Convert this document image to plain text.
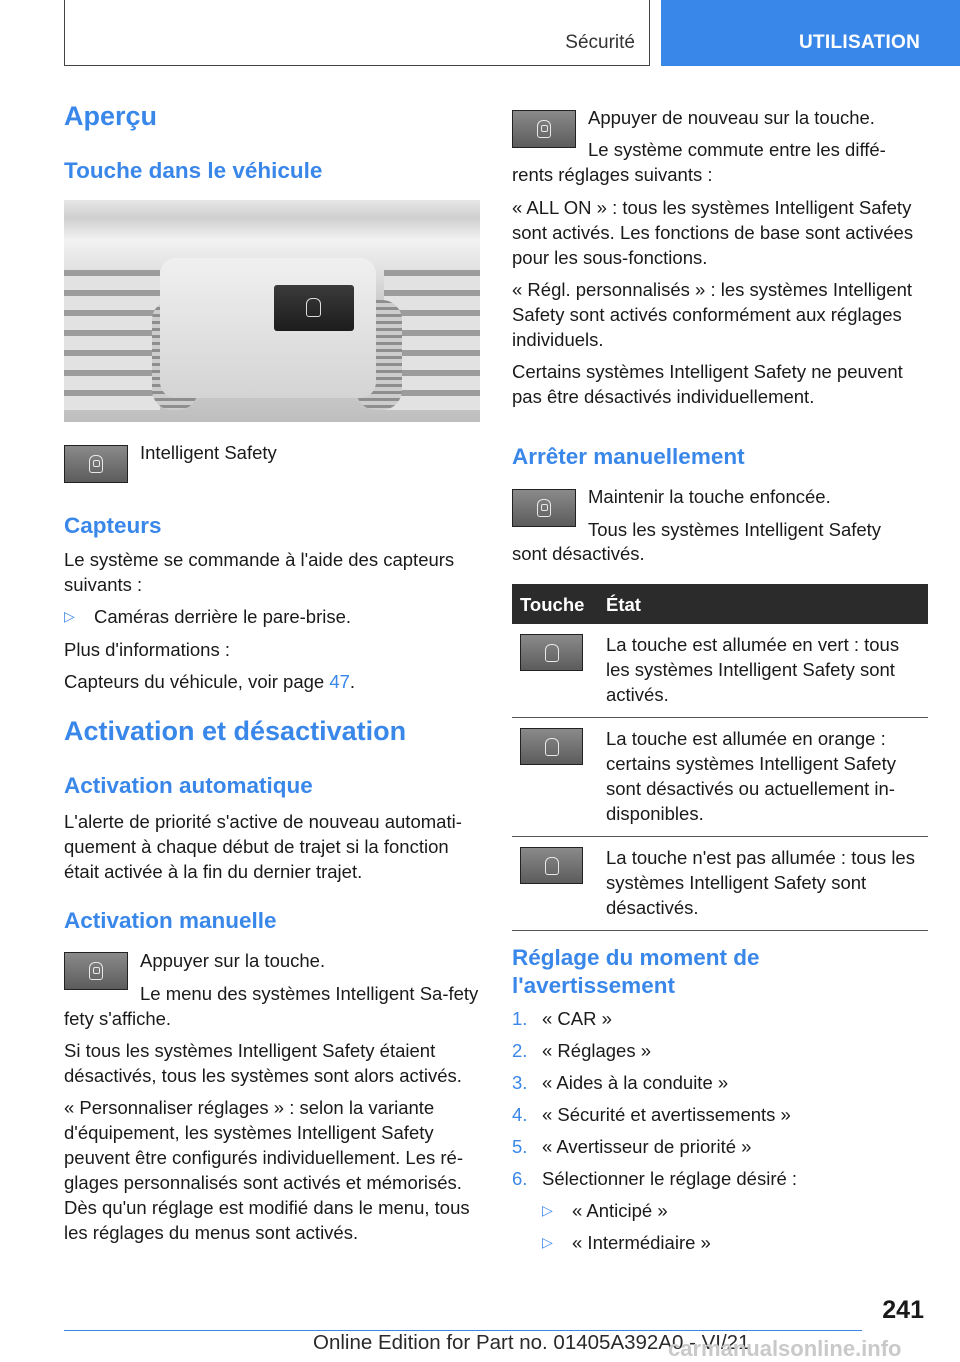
Sécurité	UTILISATION
Aperçu
Touche dans le véhicule
Intelligent Safety
Capteurs
Le système se commande à l'aide des capteurs suivants :
▷ Caméras derrière le pare-brise.
Plus d'informations :
Capteurs du véhicule, voir page 47.
Activation et désactivation
Activation automatique
L'alerte de priorité s'active de nouveau automati-quement à chaque début de trajet si la fonction était activée à la fin du dernier trajet.
Activation manuelle
Appuyer sur la touche.
Le menu des systèmes Intelligent Sa-fety
fety s'affiche.
Si tous les systèmes Intelligent Safety étaient désactivés, tous les systèmes sont alors activés.
« Personnaliser réglages » : selon la variante d'équipement, les systèmes Intelligent Safety peuvent être configurés individuellement. Les ré-glages personnalisés sont activés et mémorisés. Dès qu'un réglage est modifié dans le menu, tous les réglages du menus sont activés.
Appuyer de nouveau sur la touche.
Le système commute entre les diffé-
rents réglages suivants :
« ALL ON » : tous les systèmes Intelligent Safety sont activés. Les fonctions de base sont activées pour les sous-fonctions.
« Régl. personnalisés » : les systèmes Intelligent Safety sont activés conformément aux réglages individuels.
Certains systèmes Intelligent Safety ne peuvent pas être désactivés individuellement.
Arrêter manuellement
Maintenir la touche enfoncée.
Tous les systèmes Intelligent Safety
sont désactivés.
Touche	État

	La touche est allumée en vert : tous les systèmes Intelligent Safety sont activés.

	La touche est allumée en orange : certains systèmes Intelligent Safety sont désactivés ou actuellement in-disponibles.

	La touche n'est pas allumée : tous les systèmes Intelligent Safety sont désactivés.
Réglage du moment de l'avertissement
1. « CAR »
2. « Réglages »
3. « Aides à la conduite »
4. « Sécurité et avertissements »
5. « Avertisseur de priorité »
6. Sélectionner le réglage désiré :
▷ « Anticipé »
▷ « Intermédiaire »
241
Online Edition for Part no. 01405A392A0 - VI/21
carmanualsonline.info
